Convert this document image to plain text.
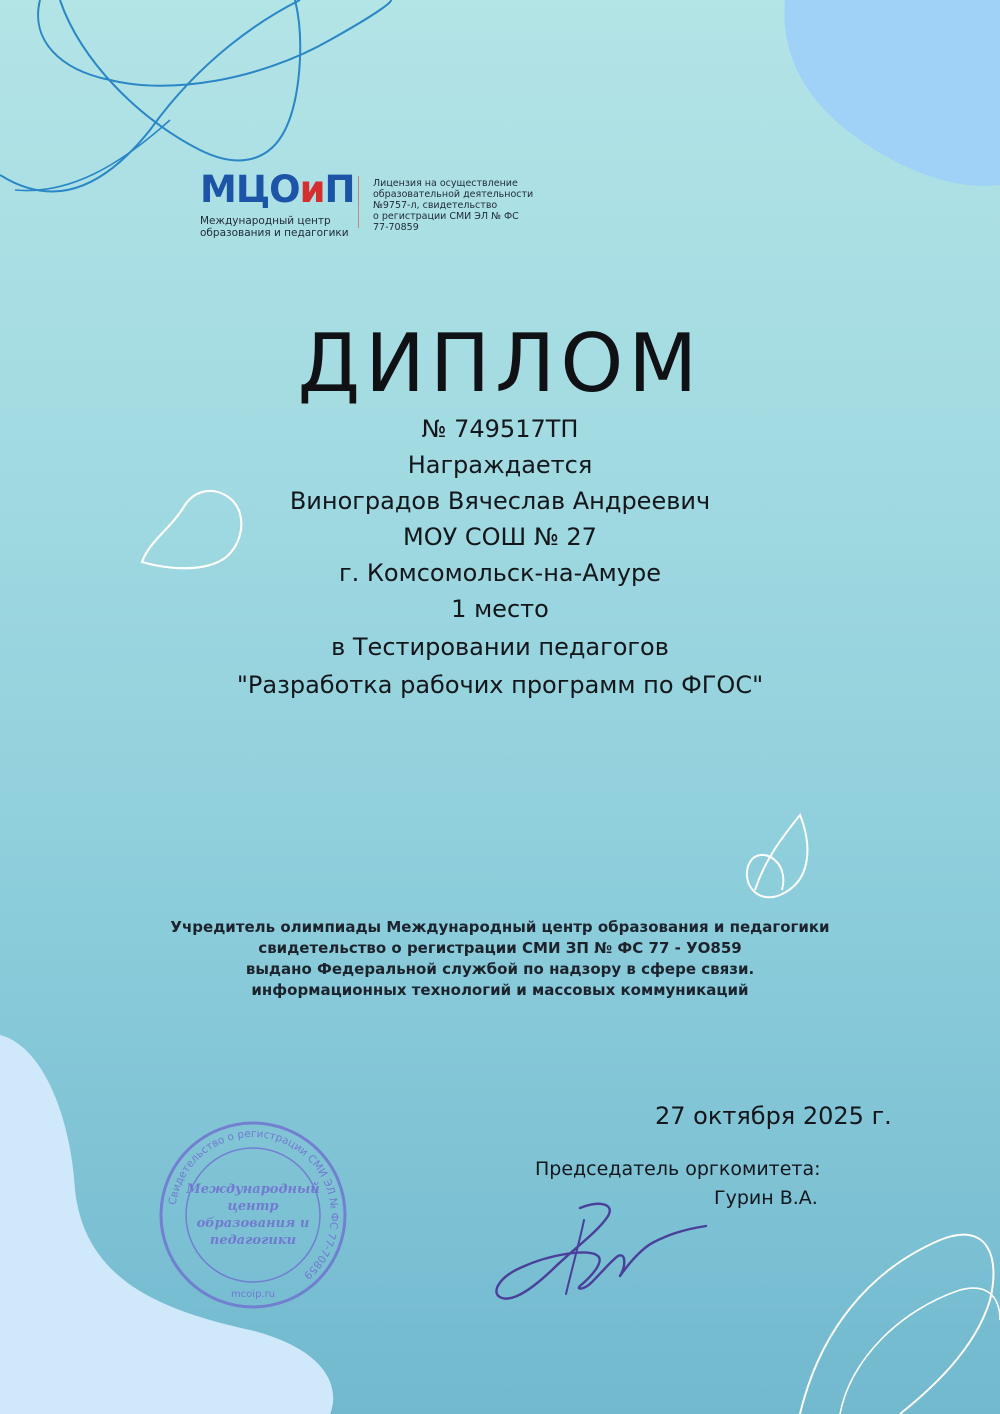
МЦОиП
Международный центр
образования и педагогики
Лицензия на осуществление
образовательной деятельности
№9757-л, свидетельство
о регистрации СМИ ЭЛ № ФС
77-70859
ДИПЛОМ
№ 749517ТП
Награждается
Виноградов Вячеслав Андреевич
МОУ СОШ № 27
г. Комсомольск-на-Амуре
1 место
в Тестировании педагогов
"Разработка рабочих программ по ФГОС"
Учредитель олимпиады Международный центр образования и педагогики
свидетельство о регистрации СМИ ЗП № ФС 77 - УО859
выдано Федеральной службой по надзору в сфере связи.
информационных технологий и массовых коммуникаций
27 октября 2025 г.
Председатель оргкомитета:
Гурин В.А.
Свидетельство о регистрации СМИ ЭЛ № ФС 77-70859
Международный
центр
образования и
педагогики
mcoip.ru
